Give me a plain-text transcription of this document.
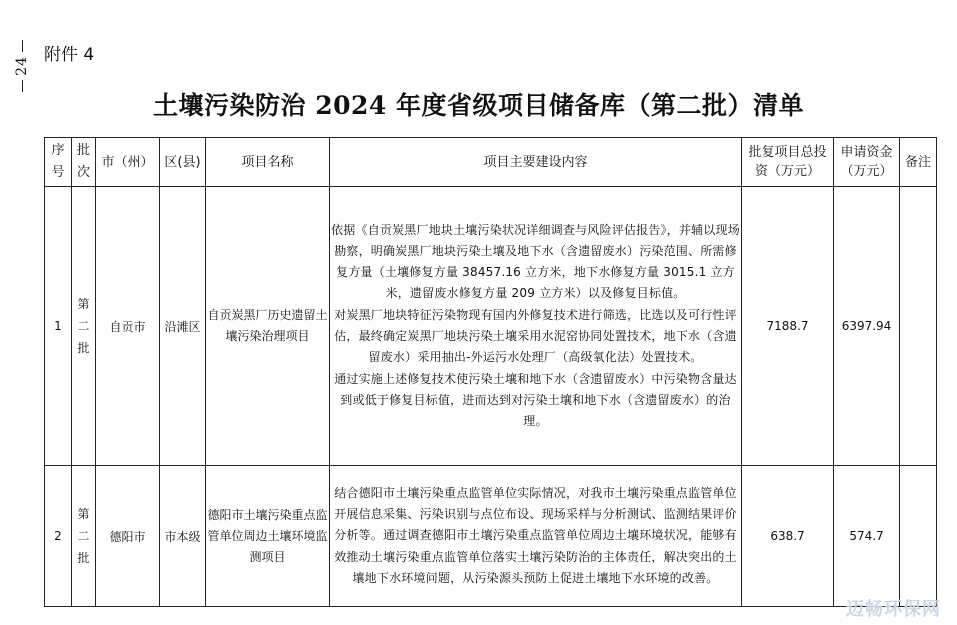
24
附件 4
土壤污染防治 2024 年度省级项目储备库（第二批）清单
序号	批次	市（州）	区(县)	项目名称	项目主要建设内容	批复项目总投资（万元）	申请资金（万元）	备注
1	第二批	自贡市	沿滩区	自贡炭黑厂历史遗留土壤污染治理项目	依据《自贡炭黑厂地块土壤污染状况详细调查与风险评估报告》，并辅以现场勘察，明确炭黑厂地块污染土壤及地下水（含遗留废水）污染范围、所需修复方量（土壤修复方量 38457.16 立方米，地下水修复方量 3015.1 立方米，遗留废水修复方量 209 立方米）以及修复目标值。

对炭黑厂地块特征污染物现有国内外修复技术进行筛选，比选以及可行性评估，最终确定炭黑厂地块污染土壤采用水泥窑协同处置技术，地下水（含遗留废水）采用抽出-外运污水处理厂（高级氧化法）处置技术。

通过实施上述修复技术使污染土壤和地下水（含遗留废水）中污染物含量达到或低于修复目标值，进而达到对污染土壤和地下水（含遗留废水）的治理。	7188.7	6397.94	
2	第二批	德阳市	市本级	德阳市土壤污染重点监管单位周边土壤环境监测项目	结合德阳市土壤污染重点监管单位实际情况，对我市土壤污染重点监管单位开展信息采集、污染识别与点位布设、现场采样与分析测试、监测结果评价分析等。通过调查德阳市土壤污染重点监管单位周边土壤环境状况，能够有效推动土壤污染重点监管单位落实土壤污染防治的主体责任，解决突出的土壤地下水环境问题，从污染源头预防上促进土壤地下水环境的改善。	638.7	574.7	
迈畅环保网
